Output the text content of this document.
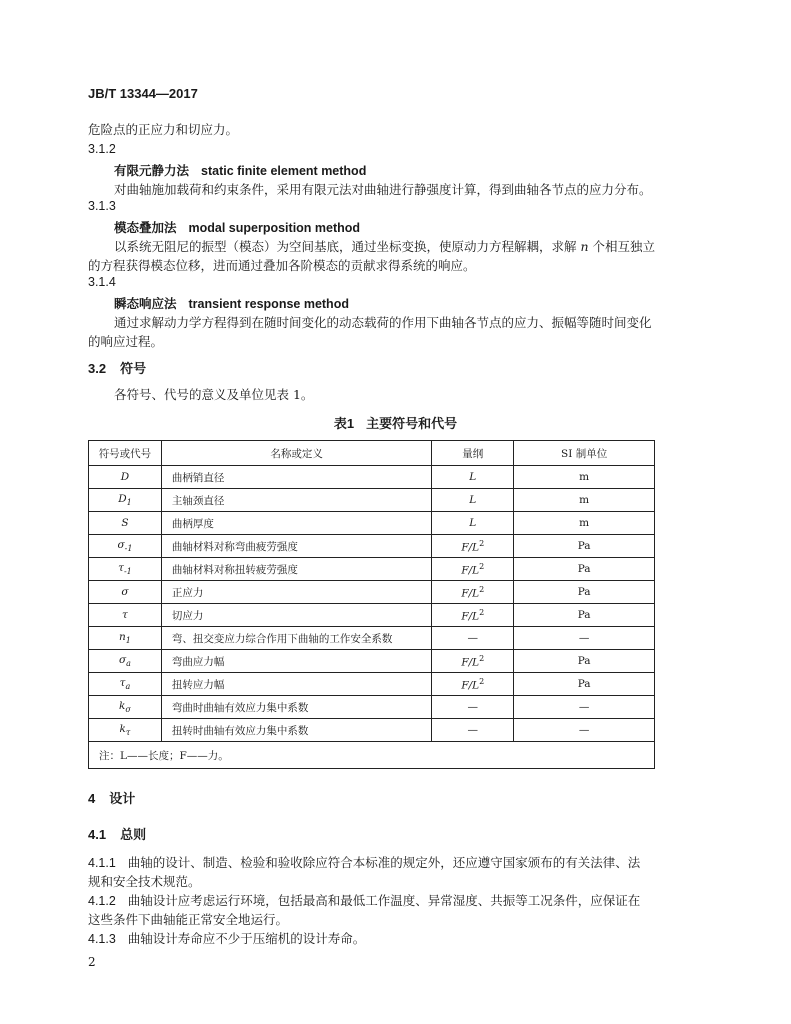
JB/T 13344—2017
危险点的正应力和切应力。
3.1.2
有限元静力法 static finite element method
对曲轴施加载荷和约束条件，采用有限元法对曲轴进行静强度计算，得到曲轴各节点的应力分布。
3.1.3
模态叠加法 modal superposition method
以系统无阻尼的振型（模态）为空间基底，通过坐标变换，使原动力方程解耦，求解 n 个相互独立
的方程获得模态位移，进而通过叠加各阶模态的贡献求得系统的响应。
3.1.4
瞬态响应法 transient response method
通过求解动力学方程得到在随时间变化的动态载荷的作用下曲轴各节点的应力、振幅等随时间变化
的响应过程。
3.2 符号
各符号、代号的意义及单位见表 1。
表1 主要符号和代号
符号或代号	名称或定义	量纲	SI 制单位
D	曲柄销直径	L	m
$D_1$	主轴颈直径	L	m
S	曲柄厚度	L	m
$\sigma_{-1}$	曲轴材料对称弯曲疲劳强度	$F/L^2$	Pa
$\tau_{-1}$	曲轴材料对称扭转疲劳强度	$F/L^2$	Pa
σ	正应力	$F/L^2$	Pa
τ	切应力	$F/L^2$	Pa
$n_1$	弯、扭交变应力综合作用下曲轴的工作安全系数	—	—
$\sigma_a$	弯曲应力幅	$F/L^2$	Pa
$\tau_a$	扭转应力幅	$F/L^2$	Pa
$k_\sigma$	弯曲时曲轴有效应力集中系数	—	—
$k_\tau$	扭转时曲轴有效应力集中系数	—	—
注：L——长度；F——力。			
4 设计
4.1 总则
4.1.1 曲轴的设计、制造、检验和验收除应符合本标准的规定外，还应遵守国家颁布的有关法律、法
规和安全技术规范。
4.1.2 曲轴设计应考虑运行环境，包括最高和最低工作温度、异常湿度、共振等工况条件，应保证在
这些条件下曲轴能正常安全地运行。
4.1.3 曲轴设计寿命应不少于压缩机的设计寿命。
2
